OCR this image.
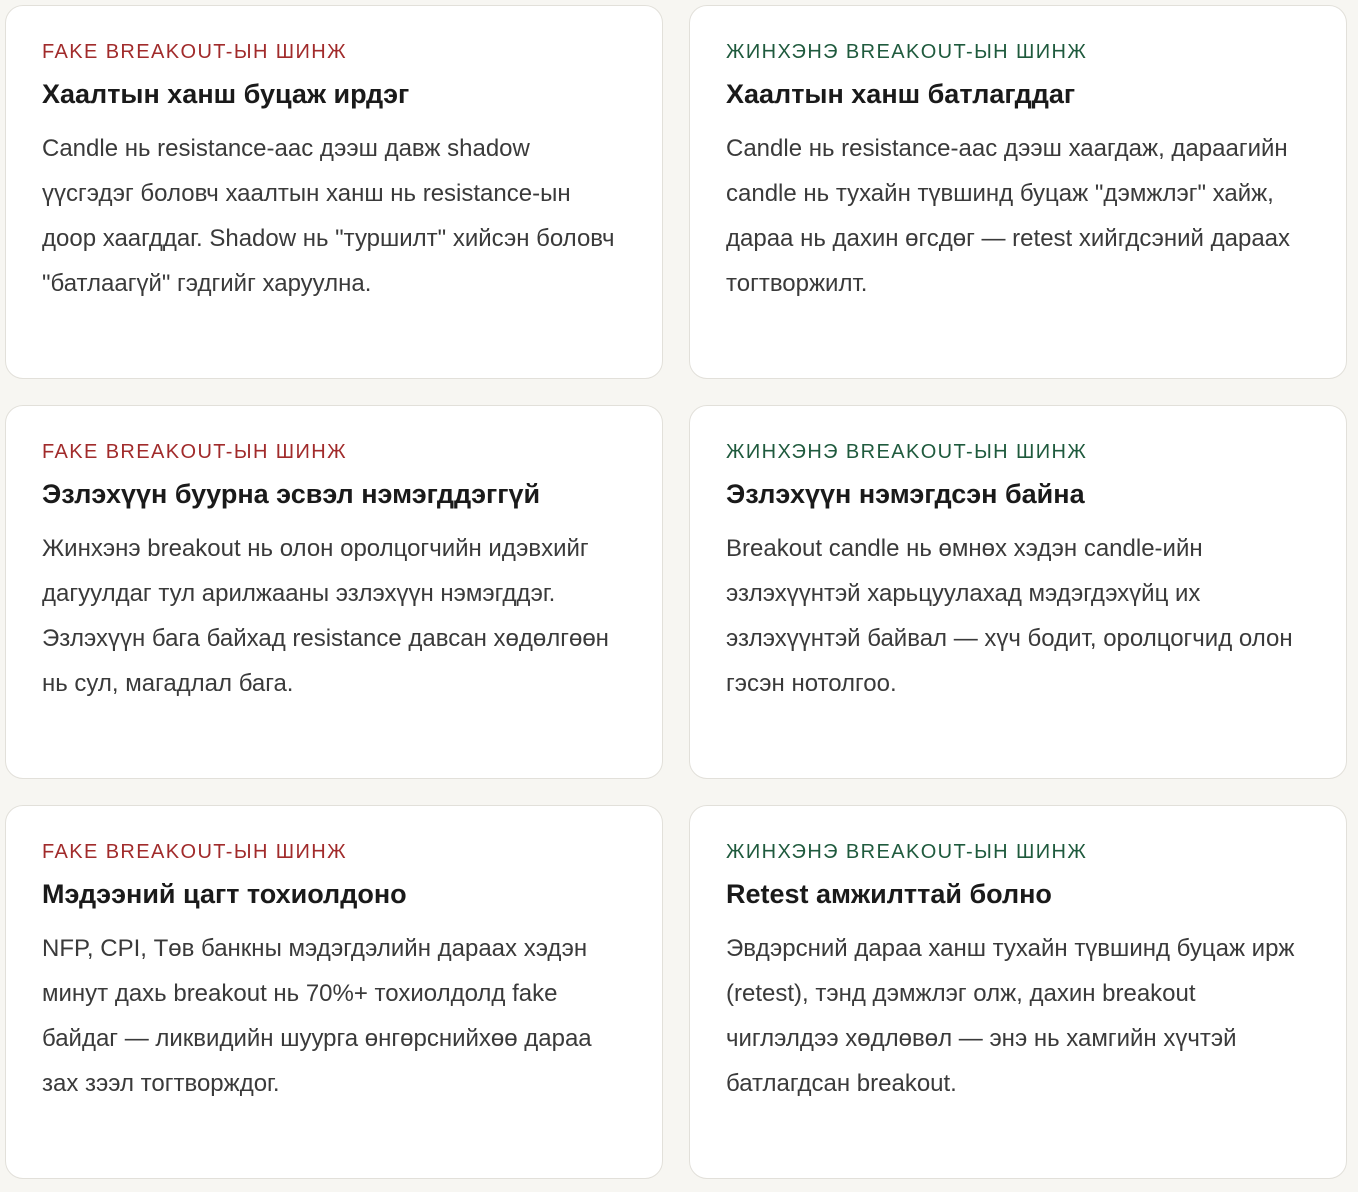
FAKE BREAKOUT-ЫН ШИНЖ
Хаалтын ханш буцаж ирдэг

Candle нь resistance-аас дээш давж shadow үүсгэдэг боловч хаалтын ханш нь resistance-ын доор хаагддаг. Shadow нь "туршилт" хийсэн боловч "батлаагүй" гэдгийг харуулна.

ЖИНХЭНЭ BREAKOUT-ЫН ШИНЖ
Хаалтын ханш батлагддаг

Candle нь resistance-аас дээш хаагдаж, дараагийн candle нь тухайн түвшинд буцаж "дэмжлэг" хайж, дараа нь дахин өгсдөг — retest хийгдсэний дараах тогтворжилт.

FAKE BREAKOUT-ЫН ШИНЖ
Эзлэхүүн буурна эсвэл нэмэгддэггүй

Жинхэнэ breakout нь олон оролцогчийн идэвхийг дагуулдаг тул арилжааны эзлэхүүн нэмэгддэг. Эзлэхүүн бага байхад resistance давсан хөдөлгөөн нь сул, магадлал бага.

ЖИНХЭНЭ BREAKOUT-ЫН ШИНЖ
Эзлэхүүн нэмэгдсэн байна

Breakout candle нь өмнөх хэдэн candle-ийн эзлэхүүнтэй харьцуулахад мэдэгдэхүйц их эзлэхүүнтэй байвал — хүч бодит, оролцогчид олон гэсэн нотолгоо.

FAKE BREAKOUT-ЫН ШИНЖ
Мэдээний цагт тохиолдоно

NFP, CPI, Төв банкны мэдэгдэлийн дараах хэдэн минут дахь breakout нь 70%+ тохиолдолд fake байдаг — ликвидийн шуурга өнгөрснийхөө дараа зах зээл тогтворждог.

ЖИНХЭНЭ BREAKOUT-ЫН ШИНЖ
Retest амжилттай болно

Эвдэрсний дараа ханш тухайн түвшинд буцаж ирж (retest), тэнд дэмжлэг олж, дахин breakout чиглэлдээ хөдлөвөл — энэ нь хамгийн хүчтэй батлагдсан breakout.
